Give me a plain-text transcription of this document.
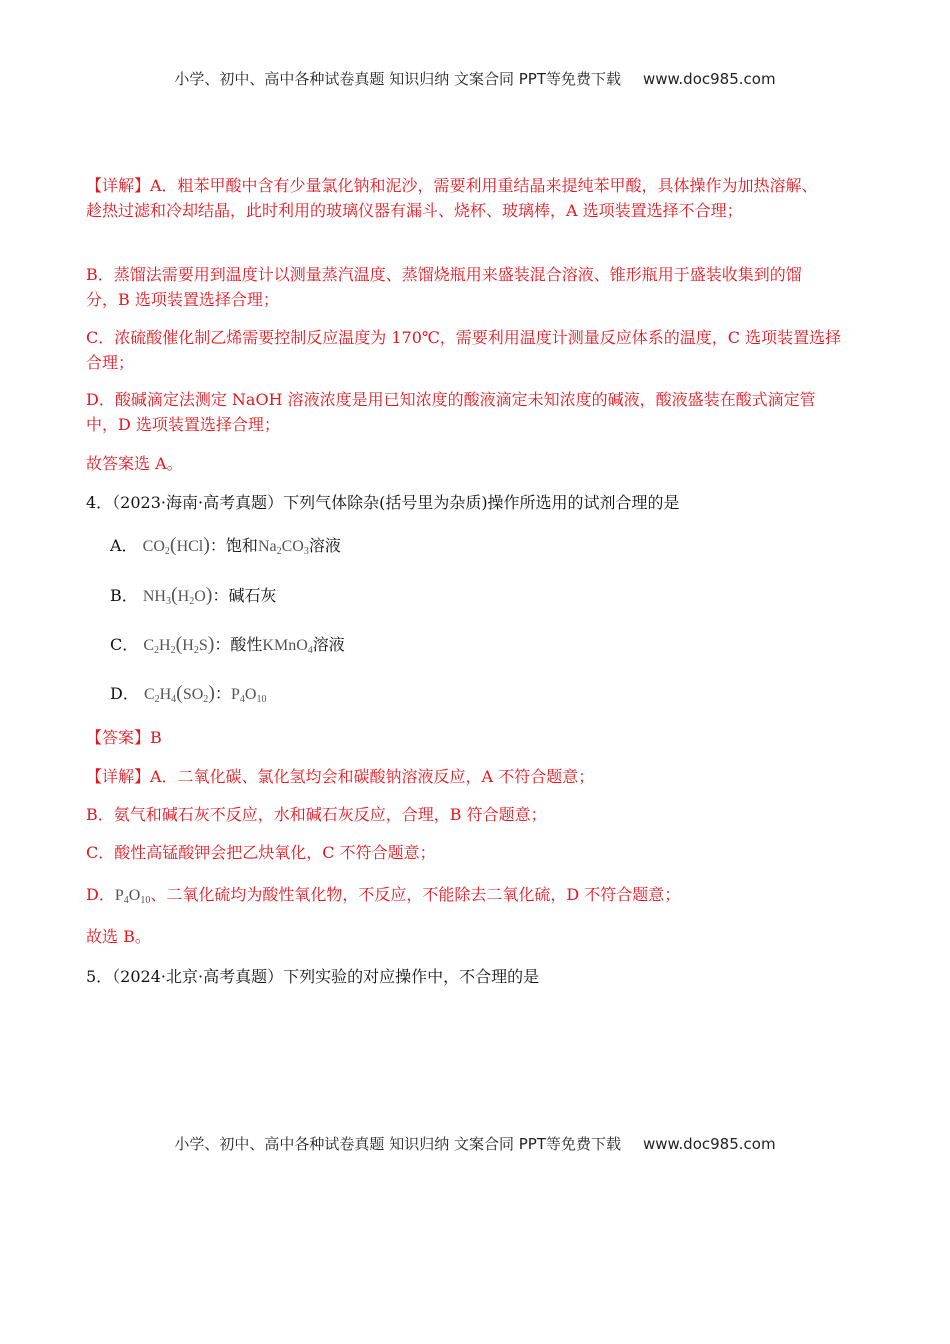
小学、初中、高中各种试卷真题 知识归纳 文案合同 PPT等免费下载 www.doc985.com
【详解】A．粗苯甲酸中含有少量氯化钠和泥沙，需要利用重结晶来提纯苯甲酸，具体操作为加热溶解、
趁热过滤和冷却结晶，此时利用的玻璃仪器有漏斗、烧杯、玻璃棒，A 选项装置选择不合理；
B．蒸馏法需要用到温度计以测量蒸汽温度、蒸馏烧瓶用来盛装混合溶液、锥形瓶用于盛装收集到的馏
分，B 选项装置选择合理；
C．浓硫酸催化制乙烯需要控制反应温度为 170℃，需要利用温度计测量反应体系的温度，C 选项装置选择
合理；
D．酸碱滴定法测定 NaOH 溶液浓度是用已知浓度的酸液滴定未知浓度的碱液，酸液盛装在酸式滴定管
中，D 选项装置选择合理；
故答案选 A。
4．（2023·海南·高考真题）下列气体除杂(括号里为杂质)操作所选用的试剂合理的是
A． $CO_2(HCl)$：饱和$Na_2CO_3$溶液
B． $NH_3(H_2O)$：碱石灰
C． $C_2H_2(H_2S)$：酸性KMnO$_4$溶液
D． $C_2H_4(SO_2)$：$P_4O_{10}$
【答案】B
【详解】A．二氧化碳、氯化氢均会和碳酸钠溶液反应，A 不符合题意；
B．氨气和碱石灰不反应，水和碱石灰反应，合理，B 符合题意；
C．酸性高锰酸钾会把乙炔氧化，C 不符合题意；
D．$P_4O_{10}$、二氧化硫均为酸性氧化物，不反应，不能除去二氧化硫，D 不符合题意；
故选 B。
5．（2024·北京·高考真题）下列实验的对应操作中，不合理的是
小学、初中、高中各种试卷真题 知识归纳 文案合同 PPT等免费下载 www.doc985.com
